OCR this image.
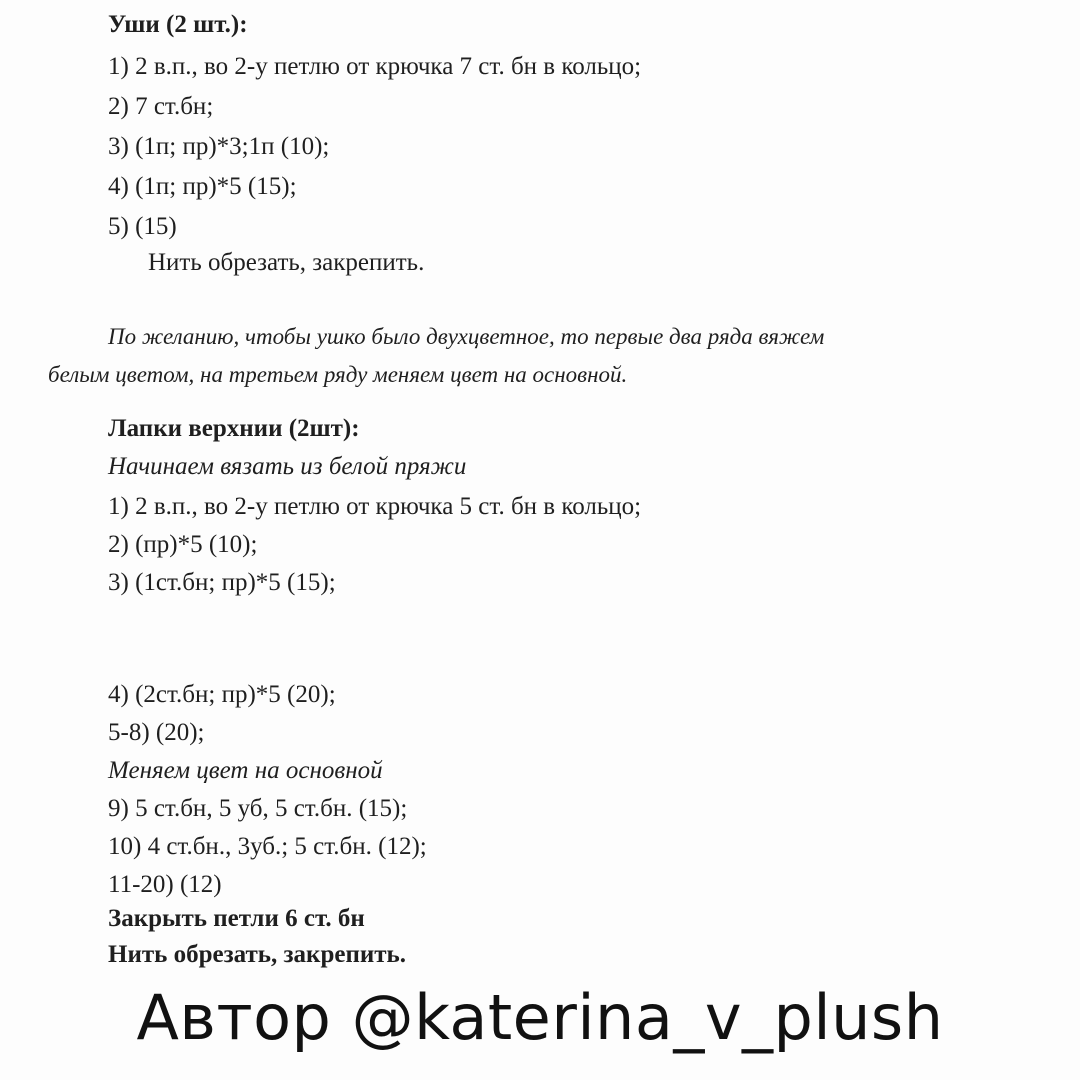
Уши (2 шт.):
1) 2 в.п., во 2-у петлю от крючка 7 ст. бн в кольцо;
2) 7 ст.бн;
3) (1п; пр)*3;1п (10);
4) (1п; пр)*5 (15);
5) (15)
Нить обрезать, закрепить.
По желанию, чтобы ушко было двухцветное, то первые два ряда вяжем
белым цветом, на третьем ряду меняем цвет на основной.
Лапки верхнии (2шт):
Начинаем вязать из белой пряжи
1) 2 в.п., во 2-у петлю от крючка 5 ст. бн в кольцо;
2) (пр)*5 (10);
3) (1ст.бн; пр)*5 (15);
4) (2ст.бн; пр)*5 (20);
5-8) (20);
Меняем цвет на основной
9) 5 ст.бн, 5 уб, 5 ст.бн. (15);
10) 4 ст.бн., 3уб.; 5 ст.бн. (12);
11-20) (12)
Закрыть петли 6 ст. бн
Нить обрезать, закрепить.
Автор @katerina_v_plush
